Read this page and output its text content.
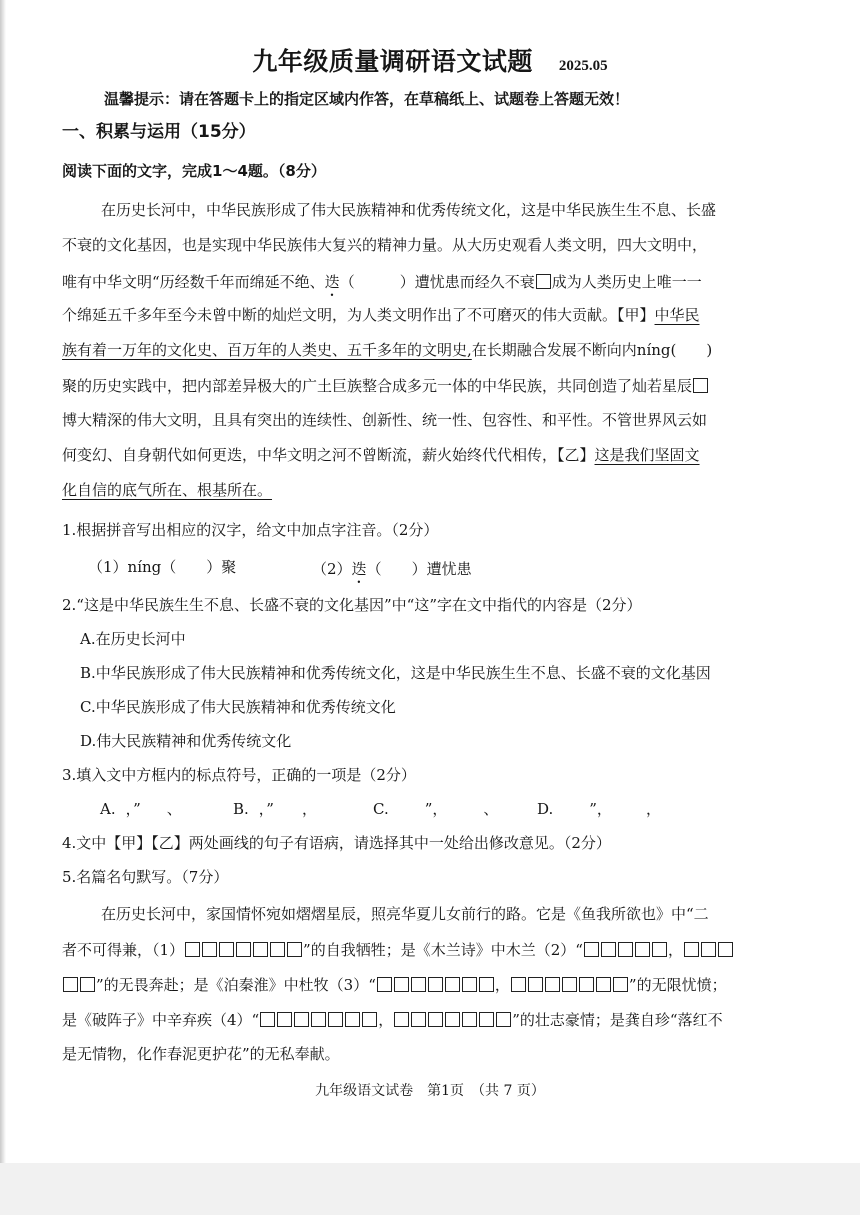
九年级质量调研语文试题 2025.05
温馨提示：请在答题卡上的指定区域内作答，在草稿纸上、试题卷上答题无效！
一、积累与运用（15分）
阅读下面的文字，完成1～4题。（8分）
在历史长河中，中华民族形成了伟大民族精神和优秀传统文化，这是中华民族生生不息、长盛
不衰的文化基因，也是实现中华民族伟大复兴的精神力量。从大历史观看人类文明，四大文明中，
唯有中华文明“历经数千年而绵延不绝、迭（　　　）遭忧患而经久不衰 成为人类历史上唯一一
个绵延五千多年至今未曾中断的灿烂文明，为人类文明作出了不可磨灭的伟大贡献。【甲】中华民
族有着一万年的文化史、百万年的人类史、五千多年的文明史,在长期融合发展不断向内níng(　　)
聚的历史实践中，把内部差异极大的广土巨族整合成多元一体的中华民族，共同创造了灿若星辰
博大精深的伟大文明，且具有突出的连续性、创新性、统一性、包容性、和平性。不管世界风云如
何变幻、自身朝代如何更迭，中华文明之河不曾断流，薪火始终代代相传，【乙】这是我们坚固文
化自信的底气所在、根基所在。
1.根据拼音写出相应的汉字，给文中加点字注音。（2分）
（1）níng（　　）聚	（2）迭（　　）遭忧患
2.“这是中华民族生生不息、长盛不衰的文化基因”中“这”字在文中指代的内容是（2分）
A.在历史长河中
B.中华民族形成了伟大民族精神和优秀传统文化，这是中华民族生生不息、长盛不衰的文化基因
C.中华民族形成了伟大民族精神和优秀传统文化
D.伟大民族精神和优秀传统文化
3.填入文中方框内的标点符号，正确的一项是（2分）
A. ，” 、	B. ，” ，	C. ”， 、	D. ”， ，
4.文中【甲】【乙】两处画线的句子有语病，请选择其中一处给出修改意见。（2分）
5.名篇名句默写。（7分）
在历史长河中，家国情怀宛如熠熠星辰，照亮华夏儿女前行的路。它是《鱼我所欲也》中“二
者不可得兼，（1）	”的自我牺牲；是《木兰诗》中木兰（2）“	，
”的无畏奔赴；是《泊秦淮》中杜牧（3）“	，	”的无限忧愤；
是《破阵子》中辛弃疾（4）“	，	”的壮志豪情；是龚自珍“落红不
是无情物，化作春泥更护花”的无私奉献。
九年级语文试卷　第1页　（共 7 页）
